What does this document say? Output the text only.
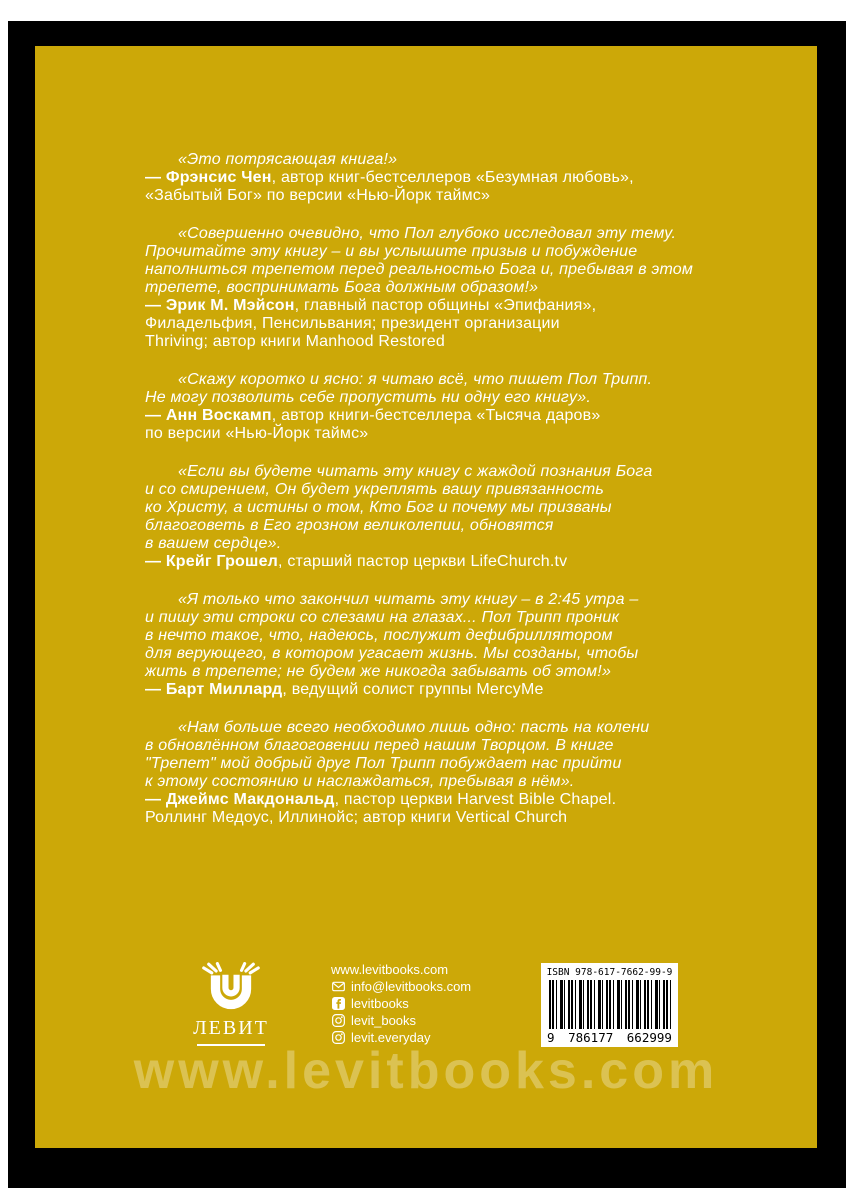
«Это потрясающая книга!»
— Фрэнсис Чен, автор книг-бестселлеров «Безумная любовь»,
«Забытый Бог» по версии «Нью-Йорк таймс»
«Совершенно очевидно, что Пол глубоко исследовал эту тему.
Прочитайте эту книгу – и вы услышите призыв и побуждение
наполниться трепетом перед реальностью Бога и, пребывая в этом
трепете, воспринимать Бога должным образом!»
— Эрик М. Мэйсон, главный пастор общины «Эпифания»,
Филадельфия, Пенсильвания; президент организации
Thriving; автор книги Manhood Restored
«Скажу коротко и ясно: я читаю всё, что пишет Пол Трипп.
Не могу позволить себе пропустить ни одну его книгу».
— Анн Воскамп, автор книги-бестселлера «Тысяча даров»
по версии «Нью-Йорк таймс»
«Если вы будете читать эту книгу с жаждой познания Бога
и со смирением, Он будет укреплять вашу привязанность
ко Христу, а истины о том, Кто Бог и почему мы призваны
благоговеть в Его грозном великолепии, обновятся
в вашем сердце».
— Крейг Грошел, старший пастор церкви LifeChurch.tv
«Я только что закончил читать эту книгу – в 2:45 утра –
и пишу эти строки со слезами на глазах... Пол Трипп проник
в нечто такое, что, надеюсь, послужит дефибриллятором
для верующего, в котором угасает жизнь. Мы созданы, чтобы
жить в трепете; не будем же никогда забывать об этом!»
— Барт Миллард, ведущий солист группы MercyMe
«Нам больше всего необходимо лишь одно: пасть на колени
в обновлённом благоговении перед нашим Творцом. В книге
"Трепет" мой добрый друг Пол Трипп побуждает нас прийти
к этому состоянию и наслаждаться, пребывая в нём».
— Джеймс Макдональд, пастор церкви Harvest Bible Chapel.
Роллинг Медоус, Иллинойс; автор книги Vertical Church
ЛЕВИТ
www.levitbooks.com
info@levitbooks.com
levitbooks
levit_books
levit.everyday
ISBN 978-617-7662-99-9
9 786177 662999
www.levitbooks.com
